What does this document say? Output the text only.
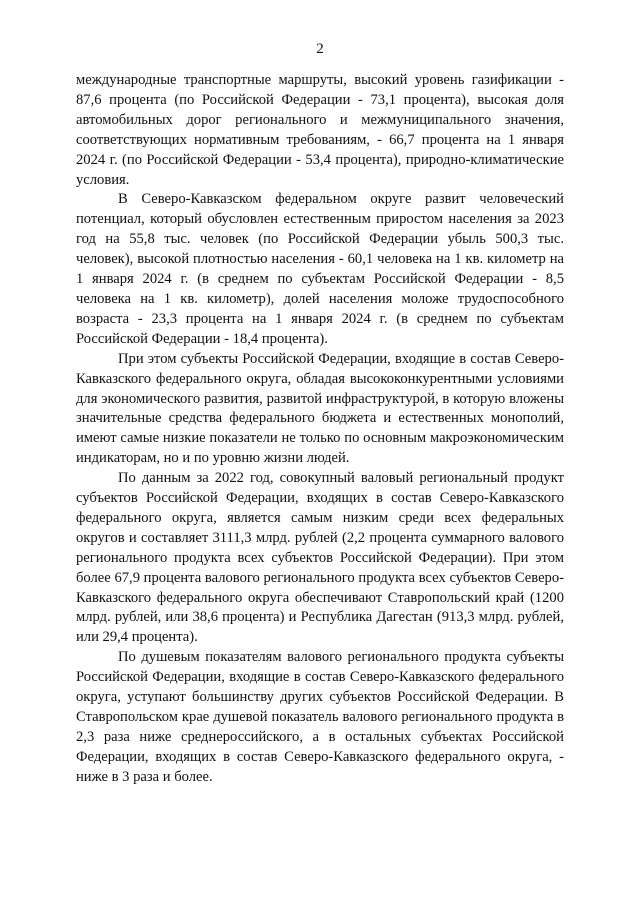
2

международные транспортные маршруты, высокий уровень газификации - 87,6 процента (по Российской Федерации - 73,1 процента), высокая доля автомобильных дорог регионального и межмуниципального значения, соответствующих нормативным требованиям, - 66,7 процента на 1 января 2024 г. (по Российской Федерации - 53,4 процента), природно-климатические условия.

В Северо-Кавказском федеральном округе развит человеческий потенциал, который обусловлен естественным приростом населения за 2023 год на 55,8 тыс. человек (по Российской Федерации убыль 500,3 тыс. человек), высокой плотностью населения - 60,1 человека на 1 кв. километр на 1 января 2024 г. (в среднем по субъектам Российской Федерации - 8,5 человека на 1 кв. километр), долей населения моложе трудоспособного возраста - 23,3 процента на 1 января 2024 г. (в среднем по субъектам Российской Федерации - 18,4 процента).

При этом субъекты Российской Федерации, входящие в состав Северо-Кавказского федерального округа, обладая высококонкурентными условиями для экономического развития, развитой инфраструктурой, в которую вложены значительные средства федерального бюджета и естественных монополий, имеют самые низкие показатели не только по основным макроэкономическим индикаторам, но и по уровню жизни людей.

По данным за 2022 год, совокупный валовый региональный продукт субъектов Российской Федерации, входящих в состав Северо-Кавказского федерального округа, является самым низким среди всех федеральных округов и составляет 3111,3 млрд. рублей (2,2 процента суммарного валового регионального продукта всех субъектов Российской Федерации). При этом более 67,9 процента валового регионального продукта всех субъектов Северо-Кавказского федерального округа обеспечивают Ставропольский край (1200 млрд. рублей, или 38,6 процента) и Республика Дагестан (913,3 млрд. рублей, или 29,4 процента).

По душевым показателям валового регионального продукта субъекты Российской Федерации, входящие в состав Северо-Кавказского федерального округа, уступают большинству других субъектов Российской Федерации. В Ставропольском крае душевой показатель валового регионального продукта в 2,3 раза ниже среднероссийского, а в остальных субъектах Российской Федерации, входящих в состав Северо-Кавказского федерального округа, - ниже в 3 раза и более.
